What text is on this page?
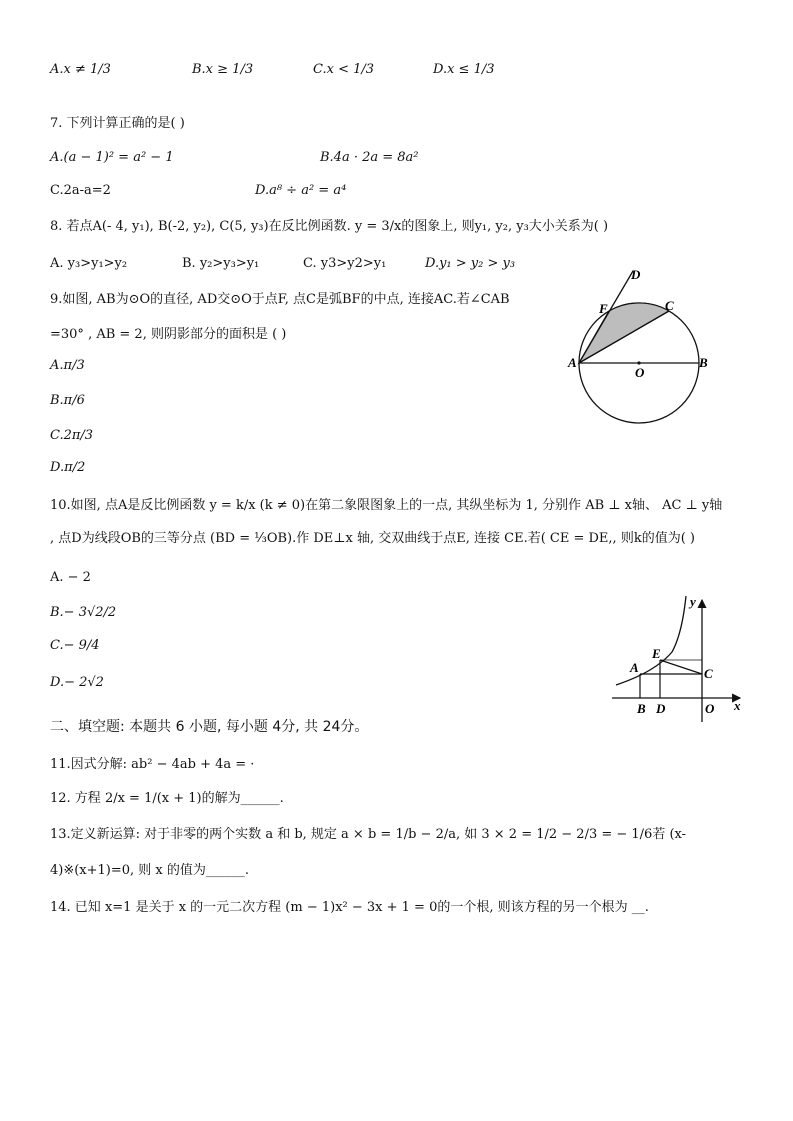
A.x ≠ 1/3	B.x ≥ 1/3	C.x < 1/3	D.x ≤ 1/3
7. 下列计算正确的是( )
A.(a − 1)² = a² − 1	B.4a · 2a = 8a²
C.2a-a=2	D.a⁸ ÷ a² = a⁴
8. 若点A(- 4, y₁), B(-2, y₂), C(5, y₃)在反比例函数. y = 3/x的图象上, 则y₁, y₂, y₃大小关系为( )
A. y₃>y₁>y₂	B. y₂>y₃>y₁	C. y3>y2>y₁	D.y₁ > y₂ > y₃
9.如图, AB为⊙O的直径, AD交⊙O于点F, 点C是弧BF的中点, 连接AC.若∠CAB
=30° , AB = 2, 则阴影部分的面积是 ( )
A.π/3
B.π/6
C.2π/3
D.π/2
D
F	C
A
O
B
10.如图, 点A是反比例函数 y = k/x (k ≠ 0)在第二象限图象上的一点, 其纵坐标为 1, 分别作 AB ⊥ x轴、 AC ⊥ y轴
, 点D为线段OB的三等分点 (BD = ⅓OB).作 DE⊥x 轴, 交双曲线于点E, 连接 CE.若( CE = DE,, 则k的值为( )
A. − 2
B.− 3√2/2
C.− 9/4
D.− 2√2
y
A
E
C
B D	O x
二、填空题: 本题共 6 小题, 每小题 4分, 共 24分。
11.因式分解: ab² − 4ab + 4a = ·
12. 方程 2/x = 1/(x + 1)的解为______.
13.定义新运算: 对于非零的两个实数 a 和 b, 规定 a × b = 1/b − 2/a, 如 3 × 2 = 1/2 − 2/3 = − 1/6若 (x-
4)※(x+1)=0, 则 x 的值为______.
14. 已知 x=1 是关于 x 的一元二次方程 (m − 1)x² − 3x + 1 = 0的一个根, 则该方程的另一个根为 __.
